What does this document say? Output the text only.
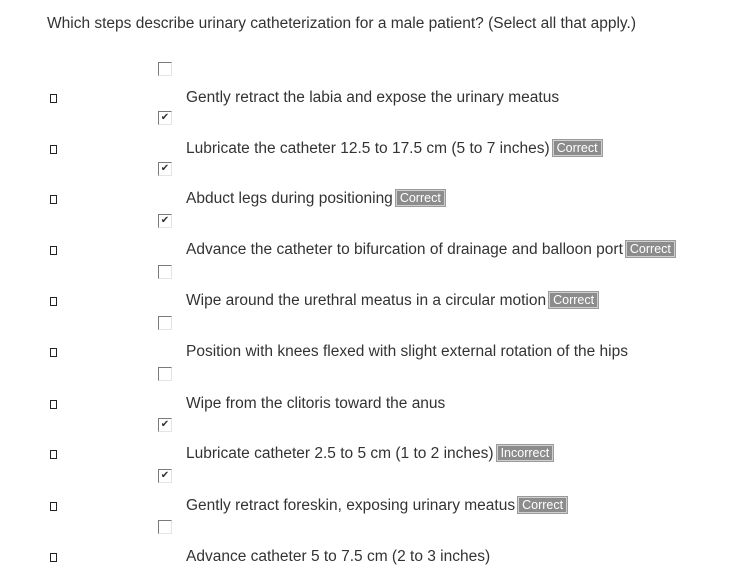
Which steps describe urinary catheterization for a male patient? (Select all that apply.)
Gently retract the labia and expose the urinary meatus
✔
Lubricate the catheter 12.5 to 17.5 cm (5 to 7 inches) Correct
✔
Abduct legs during positioning Correct
✔
Advance the catheter to bifurcation of drainage and balloon port Correct
Wipe around the urethral meatus in a circular motion Correct
Position with knees flexed with slight external rotation of the hips
Wipe from the clitoris toward the anus
✔
Lubricate catheter 2.5 to 5 cm (1 to 2 inches) Incorrect
✔
Gently retract foreskin, exposing urinary meatus Correct
Advance catheter 5 to 7.5 cm (2 to 3 inches)
